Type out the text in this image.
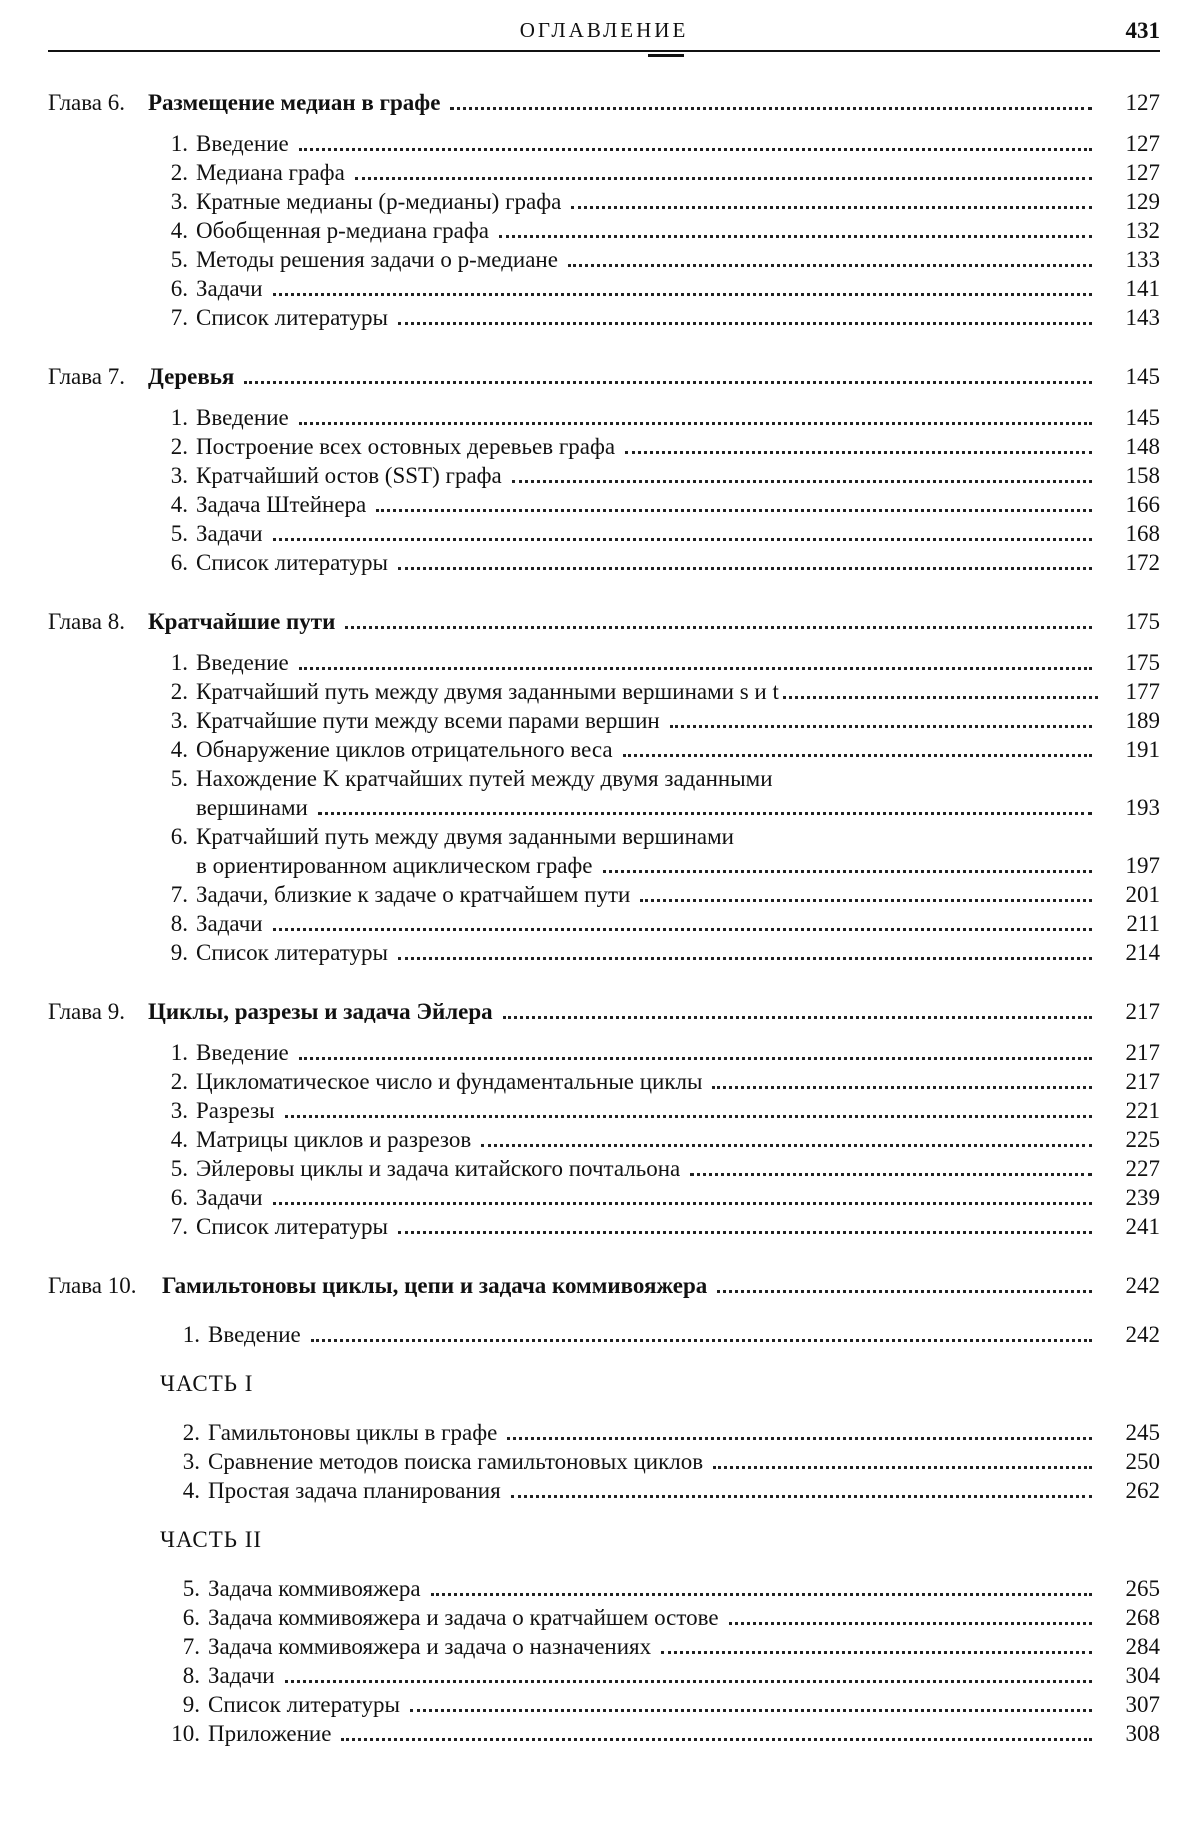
ОГЛАВЛЕНИЕ	431
Глава 6. Размещение медиан в графе	127
1. Введение	127
2. Медиана графа	127
3. Кратные медианы (p-медианы) графа	129
4. Обобщенная p-медиана графа	132
5. Методы решения задачи о p-медиане	133
6. Задачи	141
7. Список литературы	143
Глава 7. Деревья	145
1. Введение	145
2. Построение всех остовных деревьев графа	148
3. Кратчайший остов (SST) графа	158
4. Задача Штейнера	166
5. Задачи	168
6. Список литературы	172
Глава 8. Кратчайшие пути	175
1. Введение	175
2. Кратчайший путь между двумя заданными вершинами s и t	177
3. Кратчайшие пути между всеми парами вершин	189
4. Обнаружение циклов отрицательного веса	191
5. Нахождение K кратчайших путей между двумя заданными
вершинами	193
6. Кратчайший путь между двумя заданными вершинами
в ориентированном ациклическом графе	197
7. Задачи, близкие к задаче о кратчайшем пути	201
8. Задачи	211
9. Список литературы	214
Глава 9. Циклы, разрезы и задача Эйлера	217
1. Введение	217
2. Цикломатическое число и фундаментальные циклы	217
3. Разрезы	221
4. Матрицы циклов и разрезов	225
5. Эйлеровы циклы и задача китайского почтальона	227
6. Задачи	239
7. Список литературы	241
Глава 10. Гамильтоновы циклы, цепи и задача коммивояжера	242
1. Введение	242
ЧАСТЬ I
2. Гамильтоновы циклы в графе	245
3. Сравнение методов поиска гамильтоновых циклов	250
4. Простая задача планирования	262
ЧАСТЬ II
5. Задача коммивояжера	265
6. Задача коммивояжера и задача о кратчайшем остове	268
7. Задача коммивояжера и задача о назначениях	284
8. Задачи	304
9. Список литературы	307
10. Приложение	308
